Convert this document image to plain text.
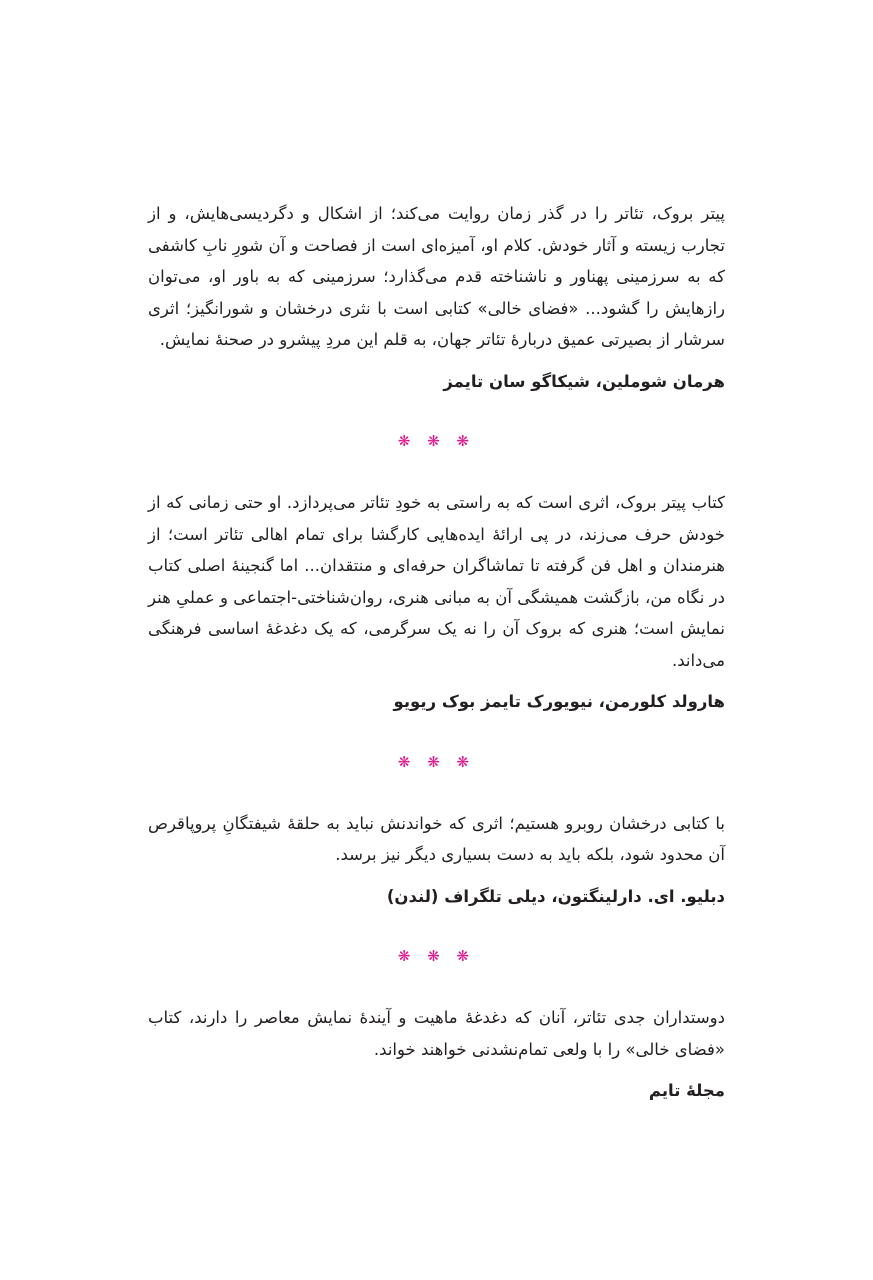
پیتر بروک، تئاتر را در گذر زمان روایت می‌کند؛ از اشکال و دگردیسی‌هایش، و از تجارب زیسته و آثار خودش. کلام او، آمیزه‌ای است از فصاحت و آن شورِ نابِ کاشفی که به سرزمینی پهناور و ناشناخته قدم می‌گذارد؛ سرزمینی که به باور او، می‌توان رازهایش را گشود... «فضای خالی» کتابی است با نثری درخشان و شورانگیز؛ اثری سرشار از بصیرتی عمیق دربارهٔ تئاتر جهان، به قلم این مردِ پیشرو در صحنهٔ نمایش.

هرمان شوملین، شیکاگو سان تایمز

❋ ❋ ❋

کتاب پیتر بروک، اثری است که به راستی به خودِ تئاتر می‌پردازد. او حتی زمانی که از خودش حرف می‌زند، در پی ارائهٔ ایده‌هایی کارگشا برای تمام اهالی تئاتر است؛ از هنرمندان و اهل فن گرفته تا تماشاگران حرفه‌ای و منتقدان... اما گنجینهٔ اصلی کتاب در نگاه من، بازگشت همیشگی آن به مبانی هنری، روان‌شناختی-اجتماعی و عملیِ هنر نمایش است؛ هنری که بروک آن را نه یک سرگرمی، که یک دغدغهٔ اساسی فرهنگی می‌داند.

هارولد کلورمن، نیویورک تایمز بوک ریویو

❋ ❋ ❋

با کتابی درخشان روبرو هستیم؛ اثری که خواندنش نباید به حلقهٔ شیفتگانِ پروپاقرص آن محدود شود، بلکه باید به دست بسیاری دیگر نیز برسد.

دبلیو. ای. دارلینگتون، دیلی تلگراف (لندن)

❋ ❋ ❋

دوستداران جدی تئاتر، آنان که دغدغهٔ ماهیت و آیندهٔ نمایش معاصر را دارند، کتاب «فضای خالی» را با ولعی تمام‌نشدنی خواهند خواند.

مجلهٔ تایم
